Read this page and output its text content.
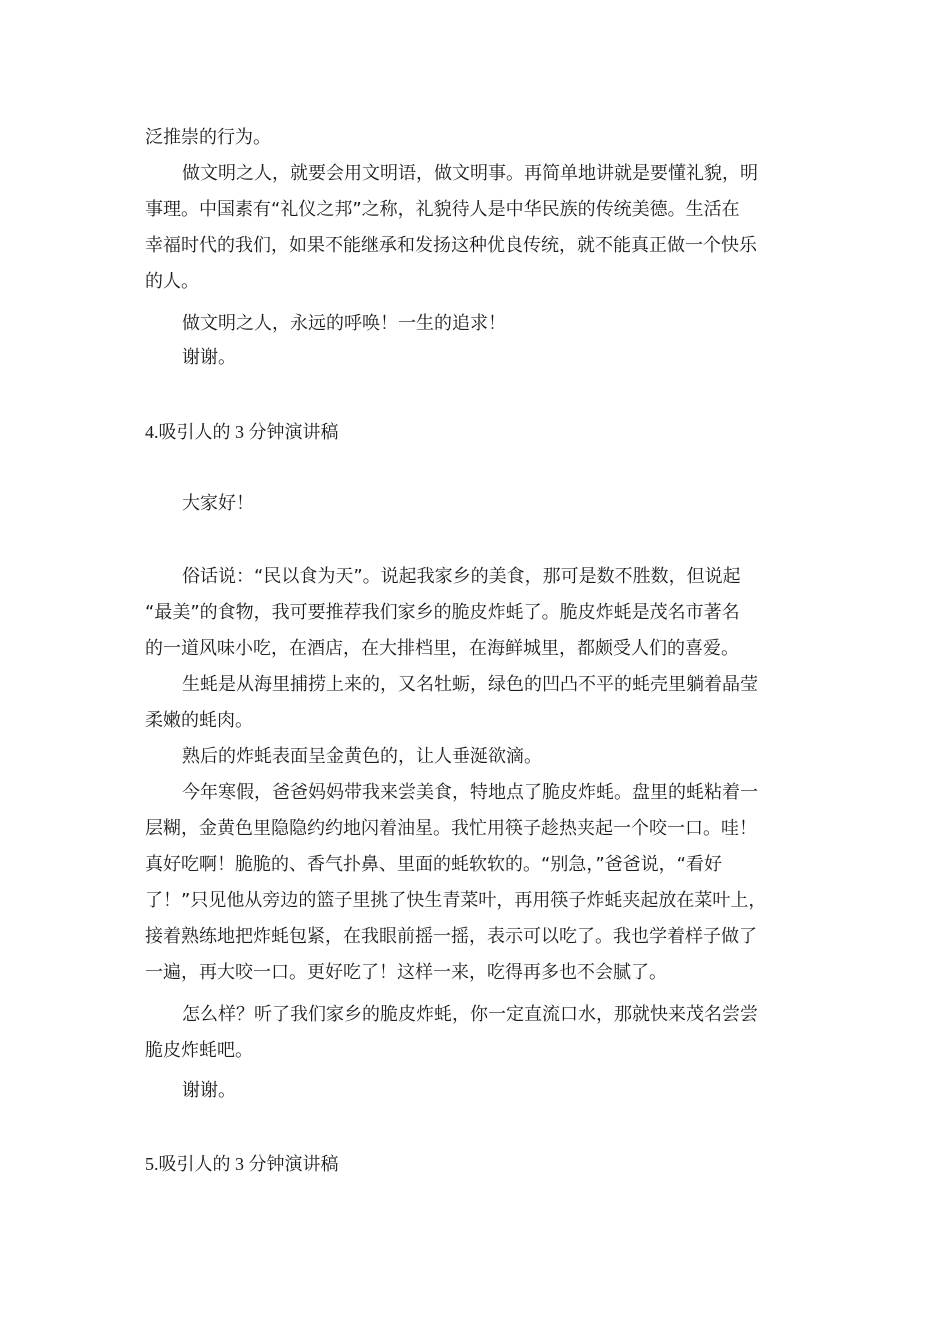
泛推崇的行为。
做文明之人，就要会用文明语，做文明事。再简单地讲就是要懂礼貌，明
事理。中国素有“礼仪之邦”之称，礼貌待人是中华民族的传统美德。生活在
幸福时代的我们，如果不能继承和发扬这种优良传统，就不能真正做一个快乐
的人。
做文明之人，永远的呼唤！一生的追求！
谢谢。
4.吸引人的 3 分钟演讲稿
大家好！
俗话说：“民以食为天”。说起我家乡的美食，那可是数不胜数，但说起
“最美”的食物，我可要推荐我们家乡的脆皮炸蚝了。脆皮炸蚝是茂名市著名
的一道风味小吃，在酒店，在大排档里，在海鲜城里，都颇受人们的喜爱。
生蚝是从海里捕捞上来的，又名牡蛎，绿色的凹凸不平的蚝壳里躺着晶莹
柔嫩的蚝肉。
熟后的炸蚝表面呈金黄色的，让人垂涎欲滴。
今年寒假，爸爸妈妈带我来尝美食，特地点了脆皮炸蚝。盘里的蚝粘着一
层糊，金黄色里隐隐约约地闪着油星。我忙用筷子趁热夹起一个咬一口。哇！
真好吃啊！脆脆的、香气扑鼻、里面的蚝软软的。“别急，”爸爸说，“看好
了！”只见他从旁边的篮子里挑了快生青菜叶，再用筷子炸蚝夹起放在菜叶上，
接着熟练地把炸蚝包紧，在我眼前摇一摇，表示可以吃了。我也学着样子做了
一遍，再大咬一口。更好吃了！这样一来，吃得再多也不会腻了。
怎么样？听了我们家乡的脆皮炸蚝，你一定直流口水，那就快来茂名尝尝
脆皮炸蚝吧。
谢谢。
5.吸引人的 3 分钟演讲稿
